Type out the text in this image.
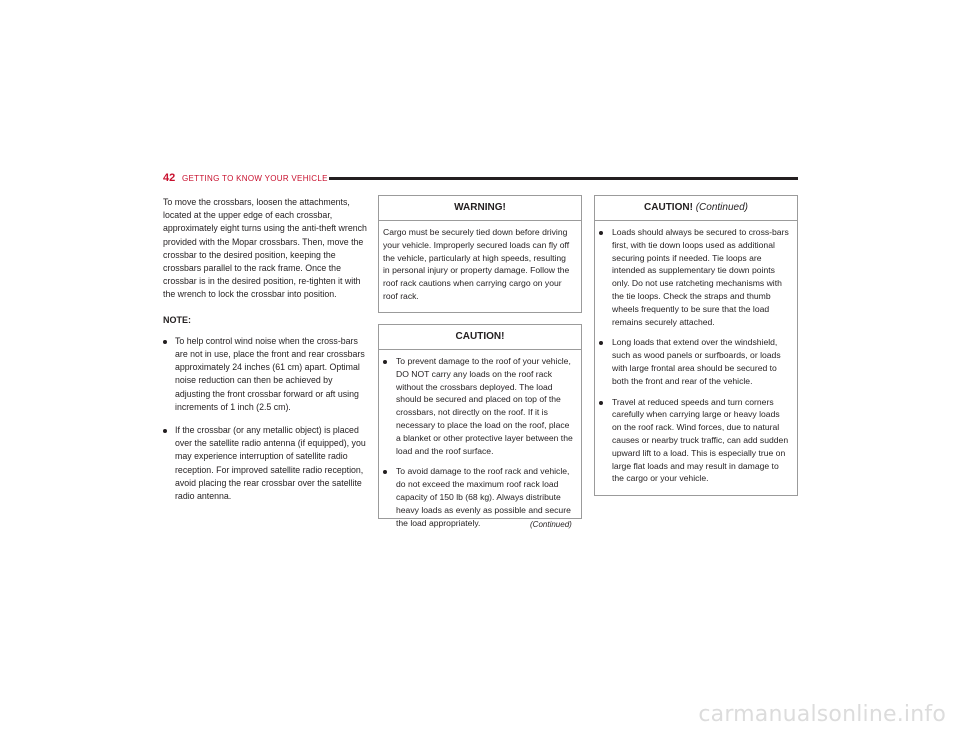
42 GETTING TO KNOW YOUR VEHICLE

To move the crossbars, loosen the attachments, located at the upper edge of each crossbar, approximately eight turns using the anti-theft wrench provided with the Mopar crossbars. Then, move the crossbar to the desired position, keeping the crossbars parallel to the rack frame. Once the crossbar is in the desired position, re-tighten it with the wrench to lock the crossbar into position.

NOTE:
To help control wind noise when the cross-bars are not in use, place the front and rear crossbars approximately 24 inches (61 cm) apart. Optimal noise reduction can then be achieved by adjusting the front crossbar forward or aft using increments of 1 inch (2.5 cm).
If the crossbar (or any metallic object) is placed over the satellite radio antenna (if equipped), you may experience interruption of satellite radio reception. For improved satellite radio reception, avoid placing the rear crossbar over the satellite radio antenna.
WARNING!
Cargo must be securely tied down before driving your vehicle. Improperly secured loads can fly off the vehicle, particularly at high speeds, resulting in personal injury or property damage. Follow the roof rack cautions when carrying cargo on your roof rack.
CAUTION!
To prevent damage to the roof of your vehicle, DO NOT carry any loads on the roof rack without the crossbars deployed. The load should be secured and placed on top of the crossbars, not directly on the roof. If it is necessary to place the load on the roof, place a blanket or other protective layer between the load and the roof surface.
To avoid damage to the roof rack and vehicle, do not exceed the maximum roof rack load capacity of 150 lb (68 kg). Always distribute heavy loads as evenly as possible and secure the load appropriately.	(Continued)
CAUTION! (Continued)
Loads should always be secured to cross-bars first, with tie down loops used as additional securing points if needed. Tie loops are intended as supplementary tie down points only. Do not use ratcheting mechanisms with the tie loops. Check the straps and thumb wheels frequently to be sure that the load remains securely attached.
Long loads that extend over the windshield, such as wood panels or surfboards, or loads with large frontal area should be secured to both the front and rear of the vehicle.
Travel at reduced speeds and turn corners carefully when carrying large or heavy loads on the roof rack. Wind forces, due to natural causes or nearby truck traffic, can add sudden upward lift to a load. This is especially true on large flat loads and may result in damage to the cargo or your vehicle.
carmanualsonline.info
